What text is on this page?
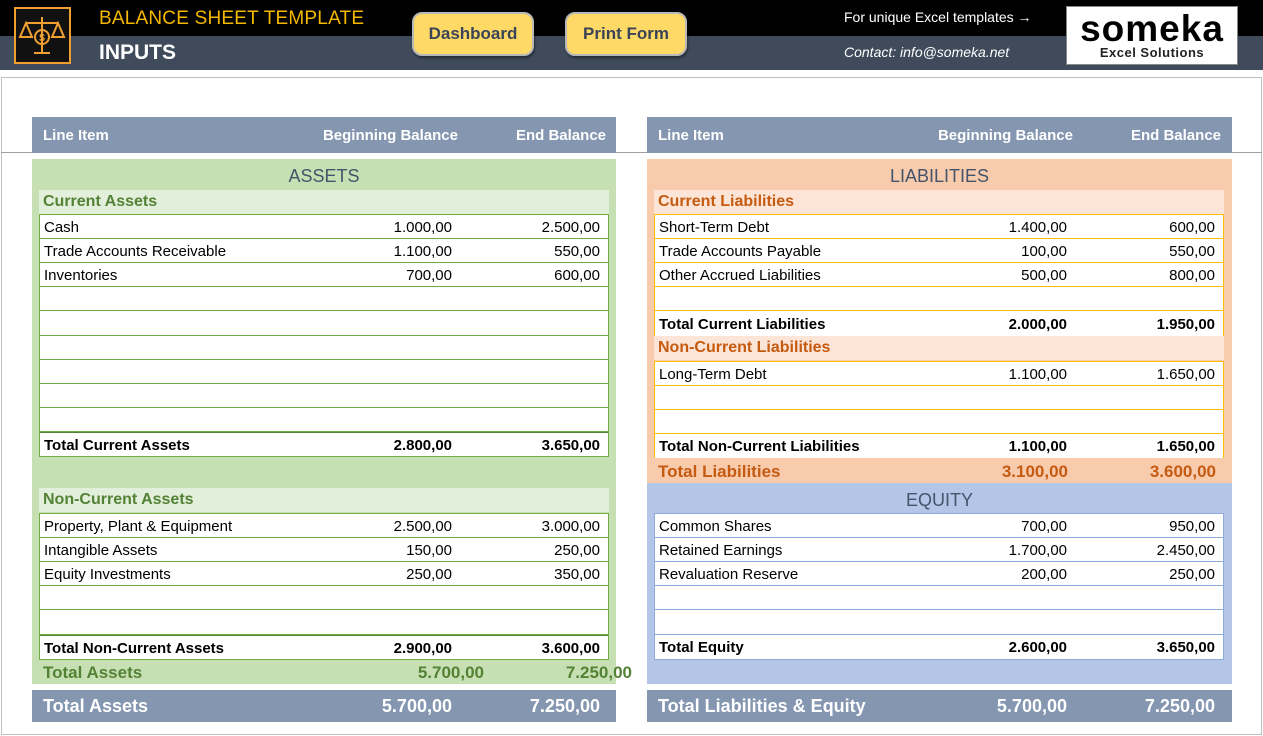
$
BALANCE SHEET TEMPLATE
INPUTS
Dashboard	Print Form
For unique Excel templates →
Contact: info@someka.net
someka
Excel Solutions
Line Item	Beginning Balance	End Balance	Line Item	Beginning Balance	End Balance
ASSETS
Current Assets
Cash	1.000,00	2.500,00
Trade Accounts Receivable	1.100,00	550,00
Inventories	700,00	600,00
Total Current Assets	2.800,00	3.650,00
Non-Current Assets
Property, Plant & Equipment	2.500,00	3.000,00
Intangible Assets	150,00	250,00
Equity Investments	250,00	350,00
Total Non-Current Assets	2.900,00	3.600,00
Total Assets	5.700,00	7.250,00
LIABILITIES
Current Liabilities
Short-Term Debt	1.400,00	600,00
Trade Accounts Payable	100,00	550,00
Other Accrued Liabilities	500,00	800,00
Total Current Liabilities	2.000,00	1.950,00
Non-Current Liabilities
Long-Term Debt	1.100,00	1.650,00
Total Non-Current Liabilities	1.100,00	1.650,00
Total Liabilities	3.100,00	3.600,00
EQUITY
Common Shares	700,00	950,00
Retained Earnings	1.700,00	2.450,00
Revaluation Reserve	200,00	250,00
Total Equity	2.600,00	3.650,00
Total Assets	5.700,00	7.250,00	Total Liabilities & Equity	5.700,00	7.250,00
